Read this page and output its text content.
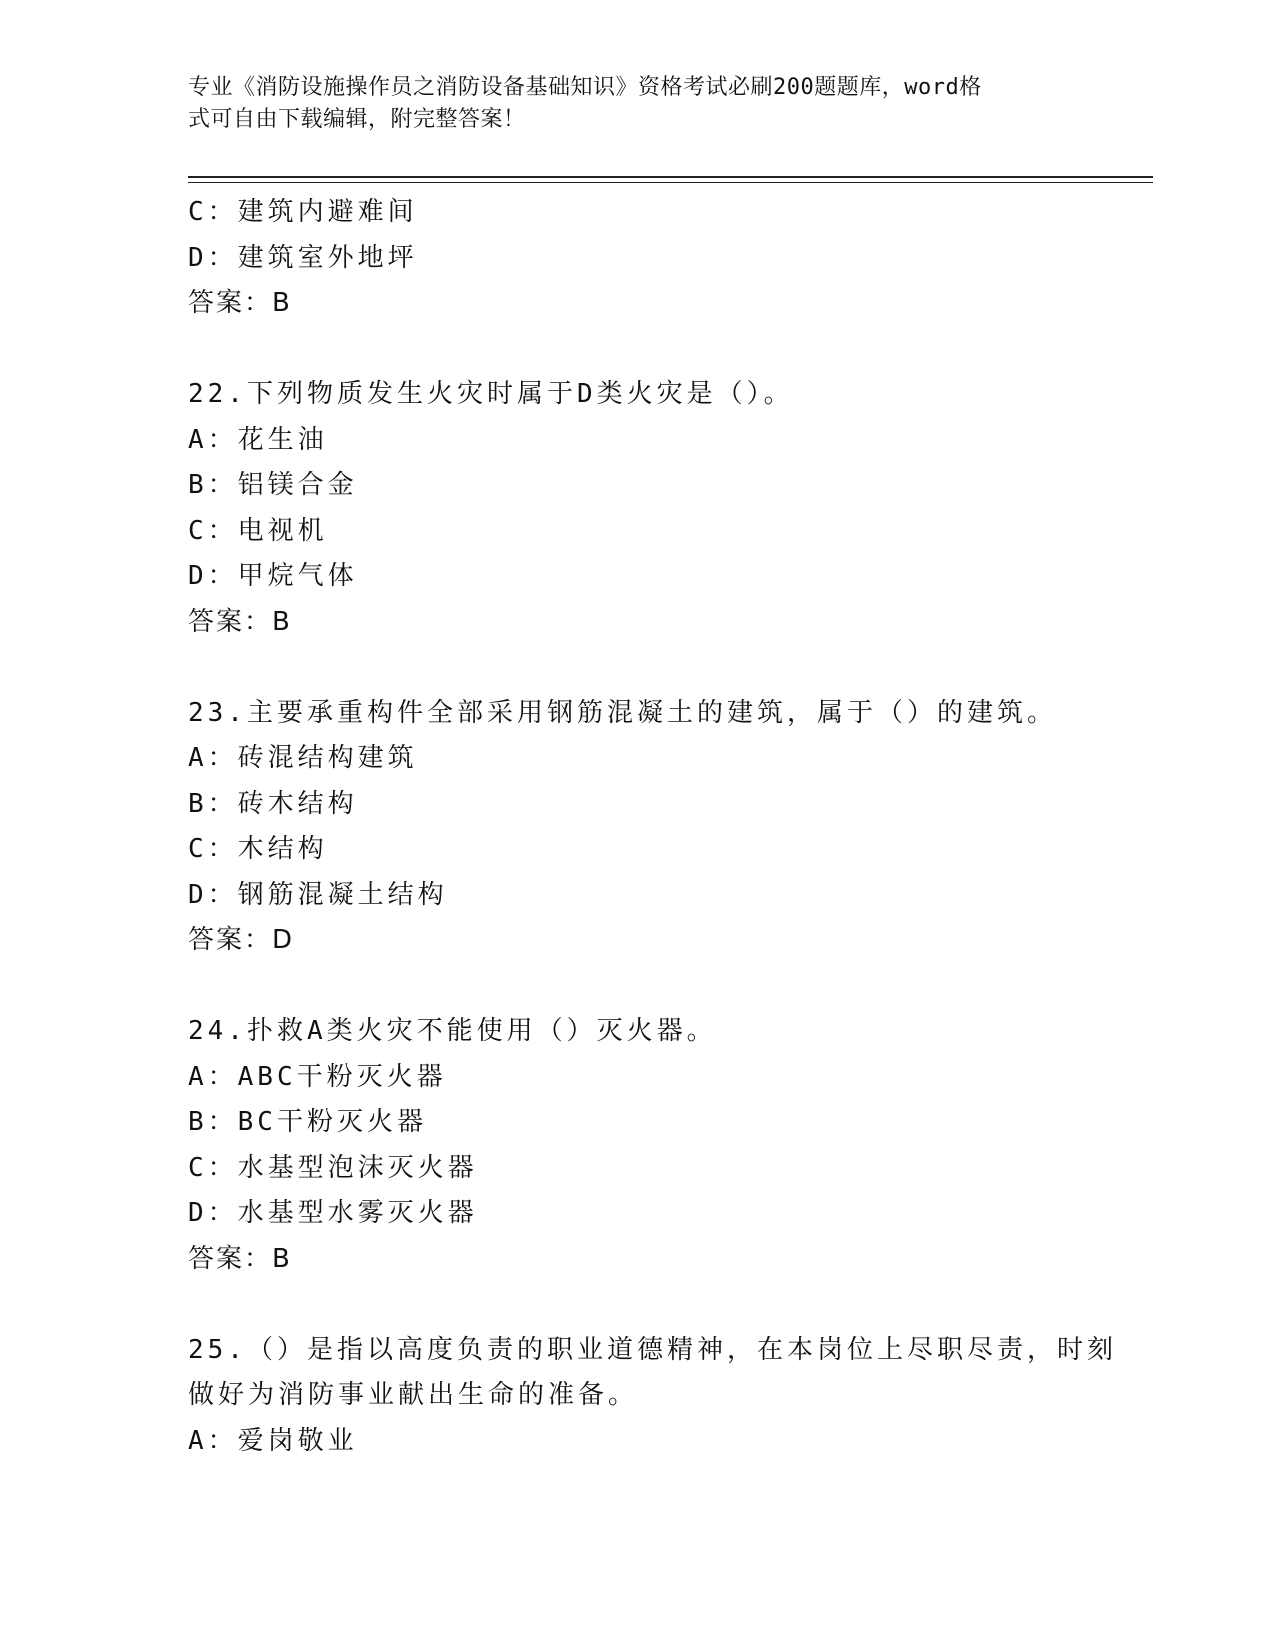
专业《消防设施操作员之消防设备基础知识》资格考试必刷200题题库，word格
式可自由下载编辑，附完整答案！
C：建筑内避难间
D：建筑室外地坪
答案：B
22.下列物质发生火灾时属于D类火灾是（）。
A：花生油
B：铝镁合金
C：电视机
D：甲烷气体
答案：B
23.主要承重构件全部采用钢筋混凝土的建筑，属于（）的建筑。
A：砖混结构建筑
B：砖木结构
C：木结构
D：钢筋混凝土结构
答案：D
24.扑救A类火灾不能使用（）灭火器。
A：ABC干粉灭火器
B：BC干粉灭火器
C：水基型泡沫灭火器
D：水基型水雾灭火器
答案：B
25.（）是指以高度负责的职业道德精神，在本岗位上尽职尽责，时刻
做好为消防事业献出生命的准备。
A：爱岗敬业
